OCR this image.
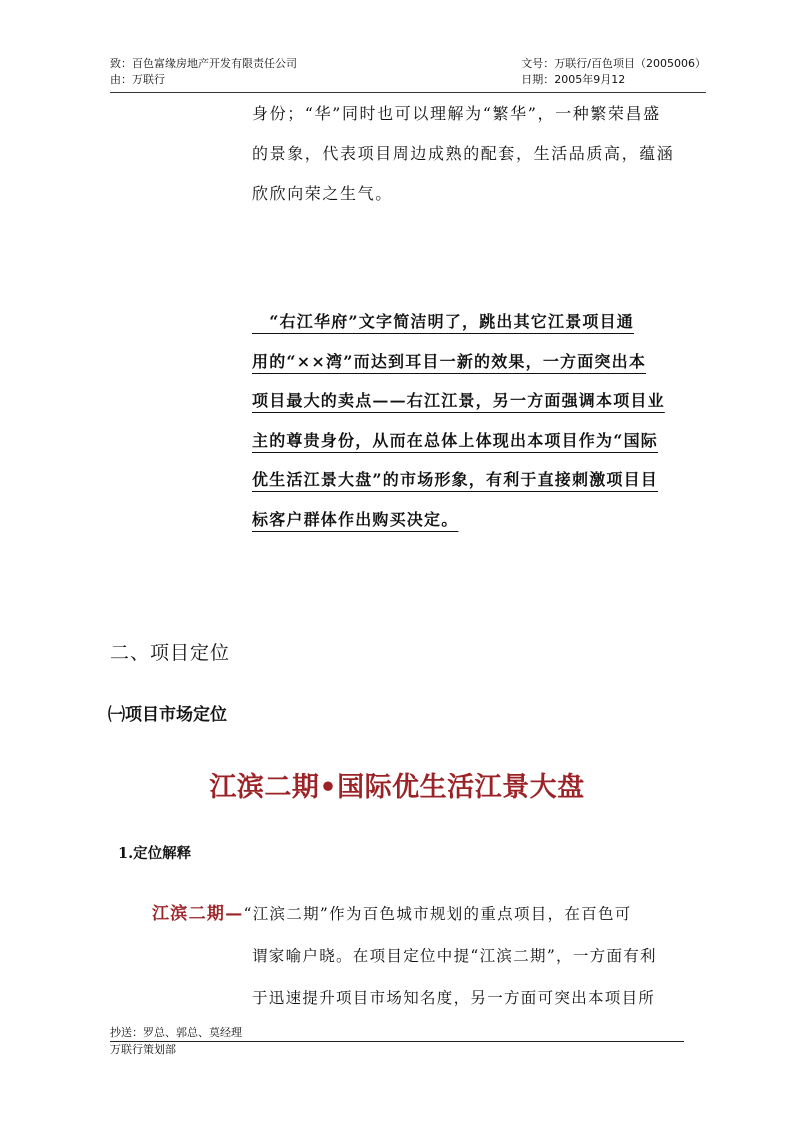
致：百色富缘房地产开发有限责任公司
由：万联行
文号：万联行/百色项目（2005006）
日期：2005年9月12
身份；“华”同时也可以理解为“繁华”，一种繁荣昌盛
的景象，代表项目周边成熟的配套，生活品质高，蕴涵
欣欣向荣之生气。
　“右江华府”文字简洁明了，跳出其它江景项目通
用的“××湾”而达到耳目一新的效果，一方面突出本
项目最大的卖点——右江江景，另一方面强调本项目业
主的尊贵身份，从而在总体上体现出本项目作为“国际
优生活江景大盘”的市场形象，有利于直接刺激项目目
标客户群体作出购买决定。
二、项目定位
㈠项目市场定位
江滨二期•国际优生活江景大盘
1.定位解释
江滨二期—“江滨二期”作为百色城市规划的重点项目，在百色可
谓家喻户晓。在项目定位中提“江滨二期”，一方面有利
于迅速提升项目市场知名度，另一方面可突出本项目所
抄送：罗总、郭总、莫经理
万联行策划部
